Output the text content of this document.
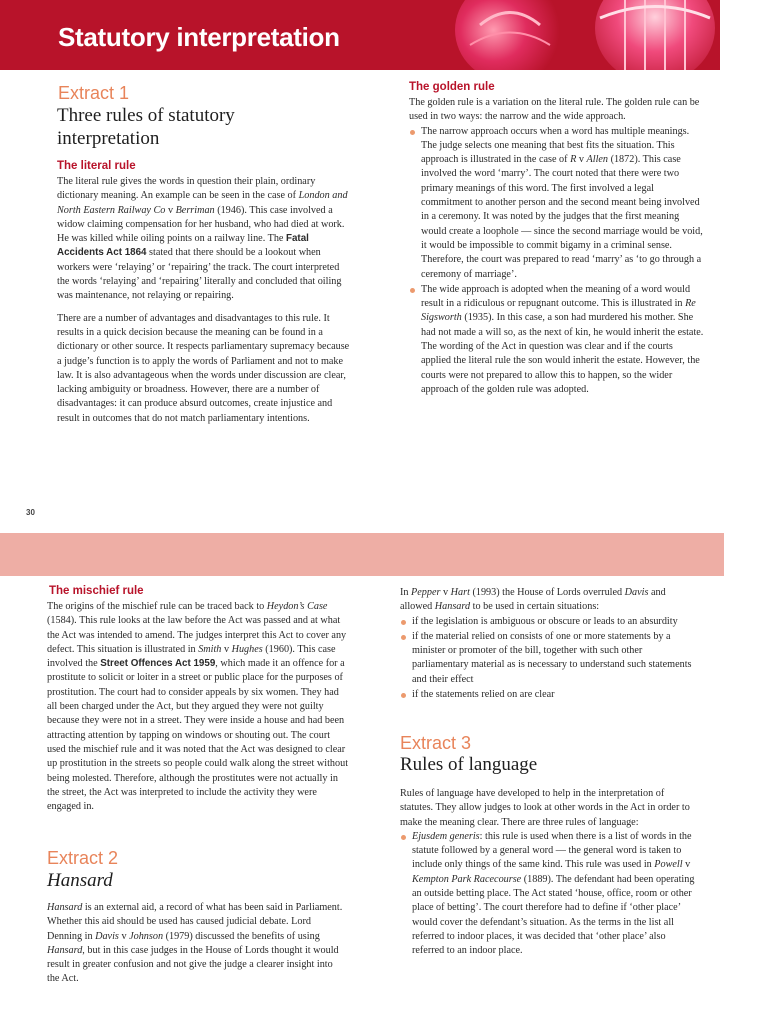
Statutory interpretation
Extract 1
Three rules of statutory
interpretation
The literal rule

The literal rule gives the words in question their plain, ordinary dictionary meaning. An example can be seen in the case of London and North Eastern Railway Co v Berriman (1946). This case involved a widow claiming compensation for her husband, who had died at work. He was killed while oiling points on a railway line. The Fatal Accidents Act 1864 stated that there should be a lookout when workers were ‘relaying’ or ‘repairing’ the track. The court interpreted the words ‘relaying’ and ‘repairing’ literally and concluded that oiling was maintenance, not relaying or repairing.

There are a number of advantages and disadvantages to this rule. It results in a quick decision because the meaning can be found in a dictionary or other source. It respects parliamentary supremacy because a judge’s function is to apply the words of Parliament and not to make law. It is also advantageous when the words under discussion are clear, lacking ambiguity or broadness. However, there are a number of disadvantages: it can produce absurd outcomes, create injustice and result in outcomes that do not match parliamentary intentions.

The golden rule

The golden rule is a variation on the literal rule. The golden rule can be used in two ways: the narrow and the wide approach.

The narrow approach occurs when a word has multiple meanings. The judge selects one meaning that best fits the situation. This approach is illustrated in the case of R v Allen (1872). This case involved the word ‘marry’. The court noted that there were two primary meanings of this word. The first involved a legal commitment to another person and the second meant being involved in a ceremony. It was noted by the judges that the first meaning would create a loophole — since the second marriage would be void, it would be impossible to commit bigamy in a criminal sense. Therefore, the court was prepared to read ‘marry’ as ‘to go through a ceremony of marriage’.
The wide approach is adopted when the meaning of a word would result in a ridiculous or repugnant outcome. This is illustrated in Re Sigsworth (1935). In this case, a son had murdered his mother. She had not made a will so, as the next of kin, he would inherit the estate. The wording of the Act in question was clear and if the courts applied the literal rule the son would inherit the estate. However, the courts were not prepared to allow this to happen, so the wider approach of the golden rule was adopted.
30
The mischief rule

The origins of the mischief rule can be traced back to Heydon’s Case (1584). This rule looks at the law before the Act was passed and at what the Act was intended to amend. The judges interpret this Act to cover any defect. This situation is illustrated in Smith v Hughes (1960). This case involved the Street Offences Act 1959, which made it an offence for a prostitute to solicit or loiter in a street or public place for the purposes of prostitution. The court had to consider appeals by six women. They had all been charged under the Act, but they argued they were not guilty because they were not in a street. They were inside a house and had been attracting attention by tapping on windows or shouting out. The court used the mischief rule and it was noted that the Act was designed to clear up prostitution in the streets so people could walk along the street without being molested. Therefore, although the prostitutes were not actually in the street, the Act was interpreted to include the activity they were engaged in.

Extract 2
Hansard

Hansard is an external aid, a record of what has been said in Parliament. Whether this aid should be used has caused judicial debate. Lord Denning in Davis v Johnson (1979) discussed the benefits of using Hansard, but in this case judges in the House of Lords thought it would result in greater confusion and not give the judge a clearer insight into the Act.

In Pepper v Hart (1993) the House of Lords overruled Davis and allowed Hansard to be used in certain situations:

if the legislation is ambiguous or obscure or leads to an absurdity
if the material relied on consists of one or more statements by a minister or promoter of the bill, together with such other parliamentary material as is necessary to understand such statements and their effect
if the statements relied on are clear
Extract 3
Rules of language

Rules of language have developed to help in the interpretation of statutes. They allow judges to look at other words in the Act in order to make the meaning clear. There are three rules of language:

Ejusdem generis: this rule is used when there is a list of words in the statute followed by a general word — the general word is taken to include only things of the same kind. This rule was used in Powell v Kempton Park Racecourse (1889). The defendant had been operating an outside betting place. The Act stated ‘house, office, room or other place of betting’. The court therefore had to define if ‘other place’ would cover the defendant’s situation. As the terms in the list all referred to indoor places, it was decided that ‘other place’ also referred to an indoor place.
